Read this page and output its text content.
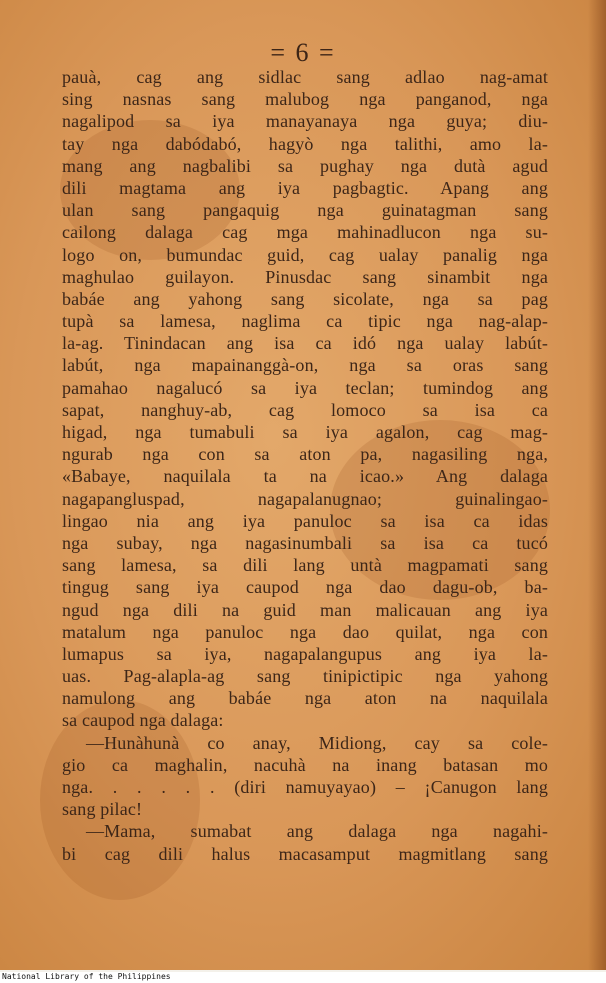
= 6 =
pauà, cag ang sidlac sang adlao nag-amat
sing nasnas sang malubog nga panganod, nga
nagalipod sa iya manayanaya nga guya; diu-
tay nga dabódabó, hagyò nga talithi, amo la-
mang ang nagbalibi sa pughay nga dutà agud
dili magtama ang iya pagbagtic. Apang ang
ulan sang pangaquig nga guinatagman sang
cailong dalaga cag mga mahinadlucon nga su-
logo on, bumundac guid, cag ualay panalig nga
maghulao guilayon. Pinusdac sang sinambit nga
babáe ang yahong sang sicolate, nga sa pag
tupà sa lamesa, naglima ca tipic nga nag-alap-
la-ag. Tinindacan ang isa ca idó nga ualay labút-
labút, nga mapainanggà-on, nga sa oras sang
pamahao nagalucó sa iya teclan; tumindog ang
sapat, nanghuy-ab, cag lomoco sa isa ca
higad, nga tumabuli sa iya agalon, cag mag-
ngurab nga con sa aton pa, nagasiling nga,
«Babaye, naquilala ta na icao.» Ang dalaga
nagapangluspad, nagapalanugnao; guinalingao-
lingao nia ang iya panuloc sa isa ca idas
nga subay, nga nagasinumbali sa isa ca tucó
sang lamesa, sa dili lang untà magpamati sang
tingug sang iya caupod nga dao dagu-ob, ba-
ngud nga dili na guid man malicauan ang iya
matalum nga panuloc nga dao quilat, nga con
lumapus sa iya, nagapalangupus ang iya la-
uas. Pag-alapla-ag sang tinipictipic nga yahong
namulong ang babáe nga aton na naquilala
sa caupod nga dalaga:
—Hunàhunà co anay, Midiong, cay sa cole-
gio ca maghalin, nacuhà na inang batasan mo
nga. . . . . . (diri namuyayao) – ¡Canugon lang
sang pilac!
—Mama, sumabat ang dalaga nga nagahi-
bi cag dili halus macasamput magmitlang sang
National Library of the Philippines
